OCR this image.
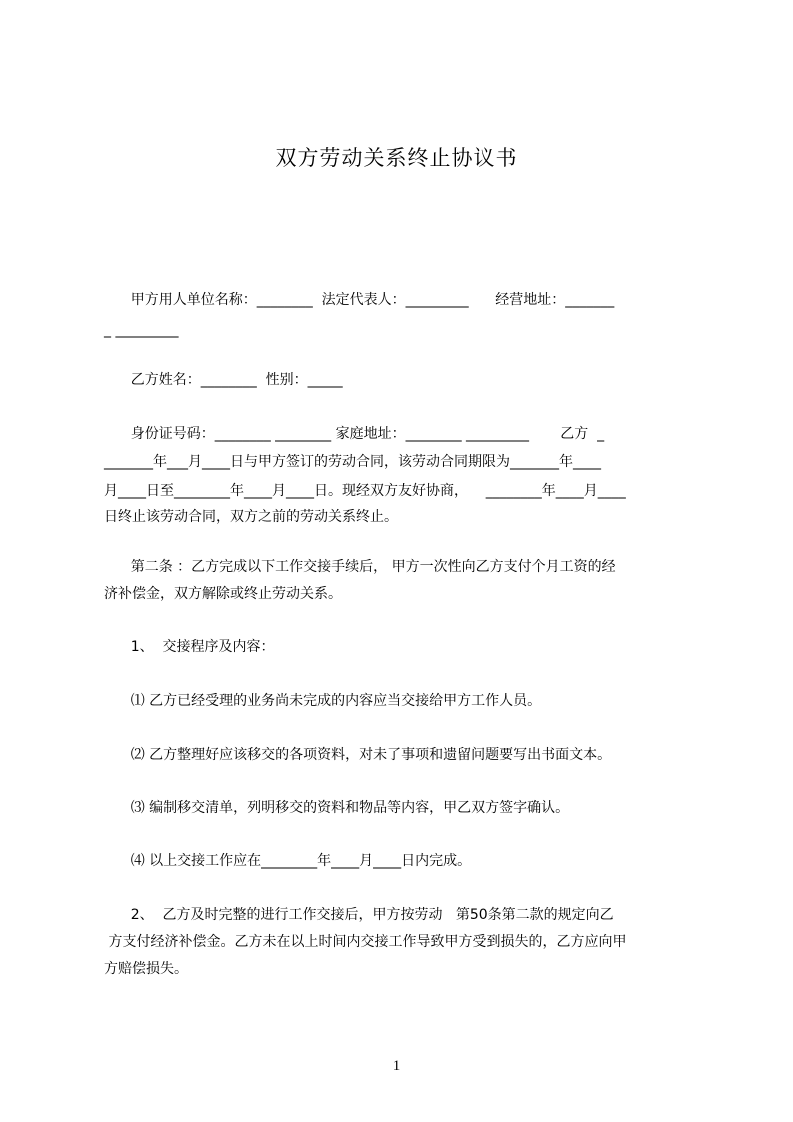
双方劳动关系终止协议书
甲方用人单位名称：________  法定代表人：_________      经营地址：_______
_ _________
乙方姓名：________  性别：_____
身份证号码：________ ________ 家庭地址：________ _________       乙方  _
_______年___月____日与甲方签订的劳动合同，该劳动合同期限为_______年____
月____日至________年____月____日。现经双方友好协商，    ________年____月____
日终止该劳动合同，双方之前的劳动关系终止。
第二条 ：乙方完成以下工作交接手续后， 甲方一次性向乙方支付个月工资的经
济补偿金，双方解除或终止劳动关系。
1、  交接程序及内容：
⑴ 乙方已经受理的业务尚未完成的内容应当交接给甲方工作人员。
⑵ 乙方整理好应该移交的各项资料，对未了事项和遗留问题要写出书面文本。
⑶ 编制移交清单，列明移交的资料和物品等内容，甲乙双方签字确认。
⑷ 以上交接工作应在________年____月____日内完成。
2、  乙方及时完整的进行工作交接后，甲方按劳动   第50条第二款的规定向乙
方支付经济补偿金。乙方未在以上时间内交接工作导致甲方受到损失的，乙方应向甲
方赔偿损失。
1
